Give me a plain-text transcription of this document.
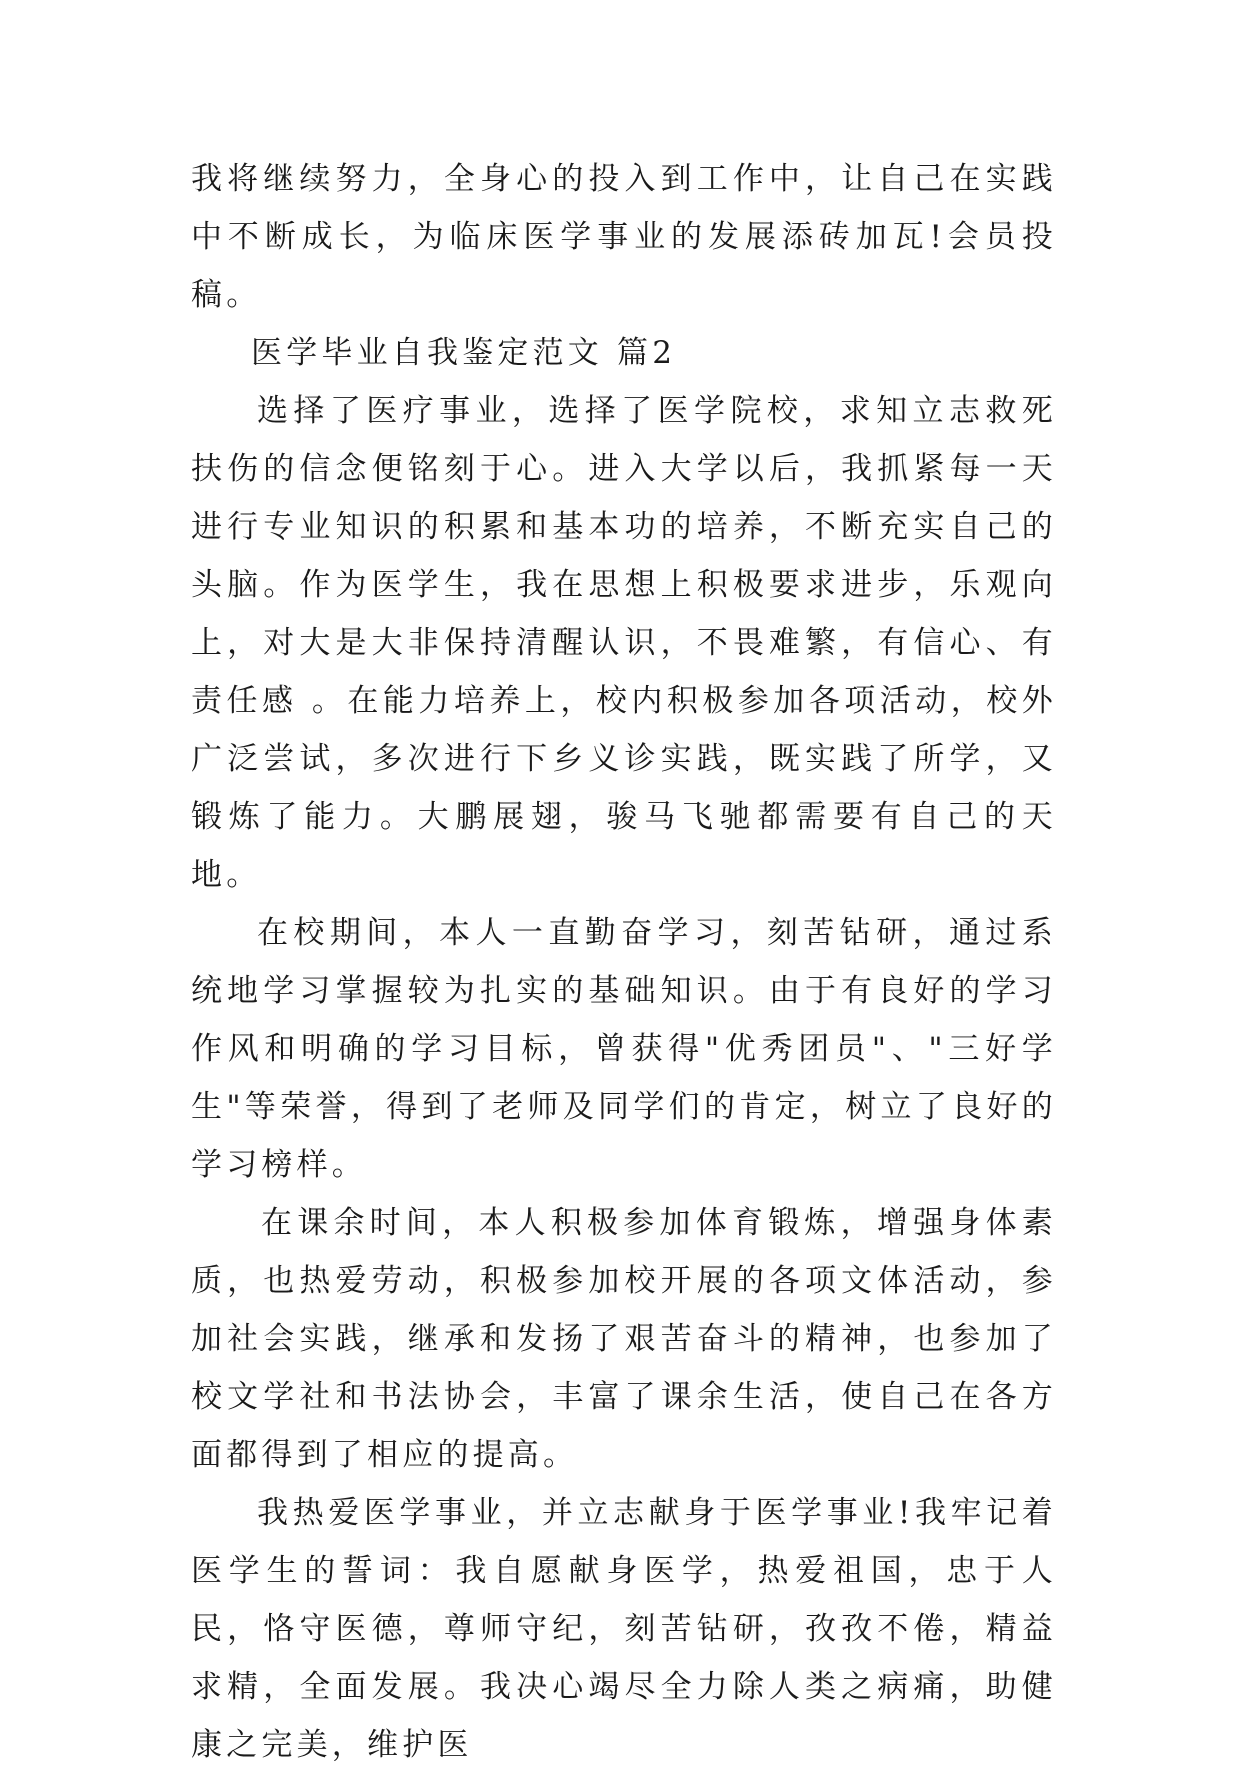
我将继续努力，全身心的投入到工作中，让自己在实践中不断成长，为临床医学事业的发展添砖加瓦!会员投稿。

医学毕业自我鉴定范文 篇2

选择了医疗事业，选择了医学院校，求知立志救死扶伤的信念便铭刻于心。进入大学以后，我抓紧每一天进行专业知识的积累和基本功的培养，不断充实自己的头脑。作为医学生，我在思想上积极要求进步，乐观向上，对大是大非保持清醒认识，不畏难繁，有信心、有责任感 。在能力培养上，校内积极参加各项活动，校外广泛尝试，多次进行下乡义诊实践，既实践了所学，又锻炼了能力。大鹏展翅，骏马飞驰都需要有自己的天地。

在校期间，本人一直勤奋学习，刻苦钻研，通过系统地学习掌握较为扎实的基础知识。由于有良好的学习作风和明确的学习目标，曾获得"优秀团员"、"三好学生"等荣誉，得到了老师及同学们的肯定，树立了良好的学习榜样。

在课余时间，本人积极参加体育锻炼，增强身体素质，也热爱劳动，积极参加校开展的各项文体活动，参加社会实践，继承和发扬了艰苦奋斗的精神，也参加了校文学社和书法协会，丰富了课余生活，使自己在各方面都得到了相应的提高。

我热爱医学事业，并立志献身于医学事业!我牢记着医学生的誓词：我自愿献身医学，热爱祖国，忠于人民，恪守医德，尊师守纪，刻苦钻研，孜孜不倦，精益求精，全面发展。我决心竭尽全力除人类之病痛，助健康之完美，维护医
